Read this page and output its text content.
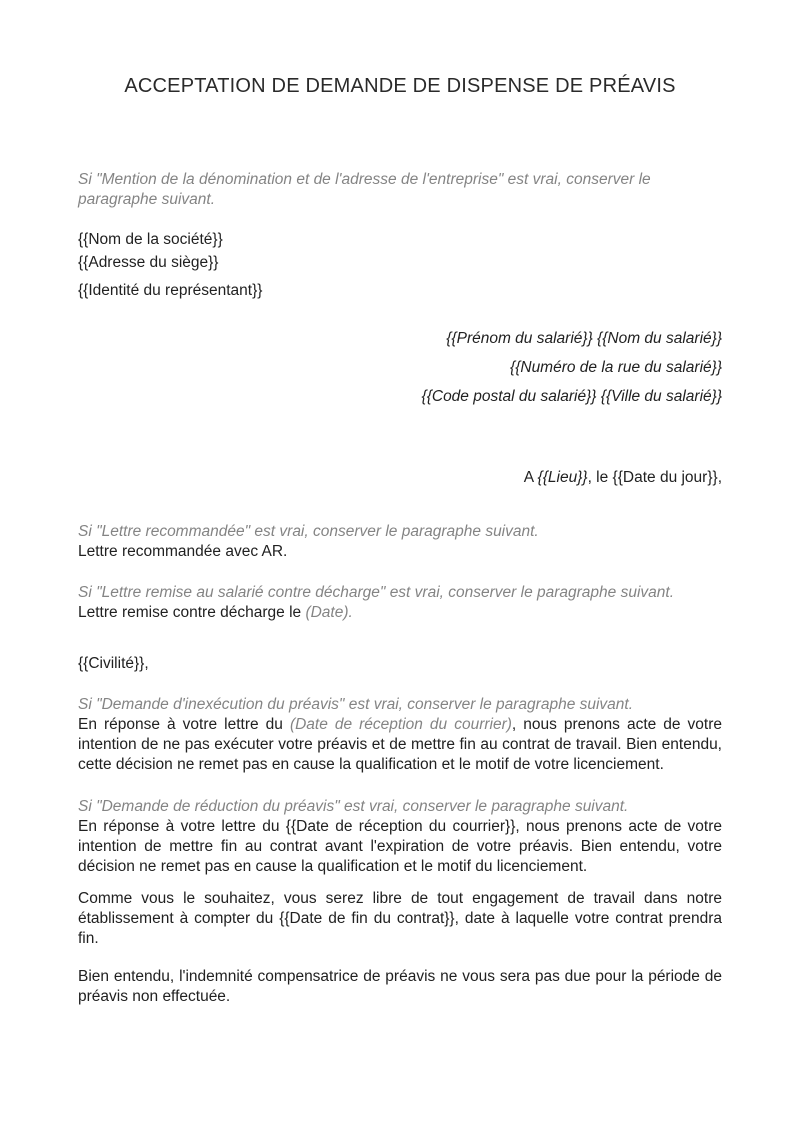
ACCEPTATION DE DEMANDE DE DISPENSE DE PRÉAVIS

Si "Mention de la dénomination et de l'adresse de l'entreprise" est vrai, conserver le paragraphe suivant.

{{Nom de la société}}
{{Adresse du siège}}
{{Identité du représentant}}
{{Prénom du salarié}} {{Nom du salarié}}
{{Numéro de la rue du salarié}}
{{Code postal du salarié}} {{Ville du salarié}}
A {{Lieu}}, le {{Date du jour}},

Si "Lettre recommandée" est vrai, conserver le paragraphe suivant.

Lettre recommandée avec AR.

Si "Lettre remise au salarié contre décharge" est vrai, conserver le paragraphe suivant.

Lettre remise contre décharge le (Date).

{{Civilité}},

Si "Demande d'inexécution du préavis" est vrai, conserver le paragraphe suivant.

En réponse à votre lettre du (Date de réception du courrier), nous prenons acte de votre intention de ne pas exécuter votre préavis et de mettre fin au contrat de travail. Bien entendu, cette décision ne remet pas en cause la qualification et le motif de votre licenciement.

Si "Demande de réduction du préavis" est vrai, conserver le paragraphe suivant.

En réponse à votre lettre du {{Date de réception du courrier}}, nous prenons acte de votre intention de mettre fin au contrat avant l'expiration de votre préavis. Bien entendu, votre décision ne remet pas en cause la qualification et le motif du licenciement.

Comme vous le souhaitez, vous serez libre de tout engagement de travail dans notre établissement à compter du {{Date de fin du contrat}}, date à laquelle votre contrat prendra fin.

Bien entendu, l'indemnité compensatrice de préavis ne vous sera pas due pour la période de préavis non effectuée.
